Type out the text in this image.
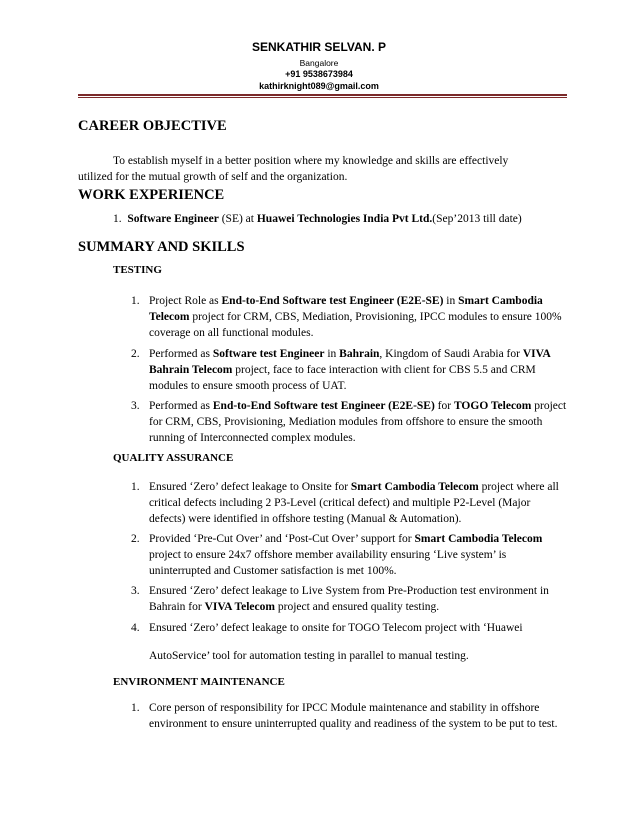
SENKATHIR SELVAN. P
Bangalore
+91 9538673984
kathirknight089@gmail.com
CAREER OBJECTIVE
To establish myself in a better position where my knowledge and skills are effectively
utilized for the mutual growth of self and the organization.
WORK EXPERIENCE
1. Software Engineer (SE) at Huawei Technologies India Pvt Ltd.(Sep’2013 till date)
SUMMARY AND SKILLS
TESTING
1. Project Role as End-to-End Software test Engineer (E2E-SE) in Smart Cambodia Telecom project for CRM, CBS, Mediation, Provisioning, IPCC modules to ensure 100% coverage on all functional modules.
2. Performed as Software test Engineer in Bahrain, Kingdom of Saudi Arabia for VIVA Bahrain Telecom project, face to face interaction with client for CBS 5.5 and CRM modules to ensure smooth process of UAT.
3. Performed as End-to-End Software test Engineer (E2E-SE) for TOGO Telecom project for CRM, CBS, Provisioning, Mediation modules from offshore to ensure the smooth running of Interconnected complex modules.
QUALITY ASSURANCE
1. Ensured ‘Zero’ defect leakage to Onsite for Smart Cambodia Telecom project where all critical defects including 2 P3-Level (critical defect) and multiple P2-Level (Major defects) were identified in offshore testing (Manual & Automation).
2. Provided ‘Pre-Cut Over’ and ‘Post-Cut Over’ support for Smart Cambodia Telecom project to ensure 24x7 offshore member availability ensuring ‘Live system’ is uninterrupted and Customer satisfaction is met 100%.
3. Ensured ‘Zero’ defect leakage to Live System from Pre-Production test environment in Bahrain for VIVA Telecom project and ensured quality testing.
4. Ensured ‘Zero’ defect leakage to onsite for TOGO Telecom project with ‘Huawei
AutoService’ tool for automation testing in parallel to manual testing.
ENVIRONMENT MAINTENANCE
1. Core person of responsibility for IPCC Module maintenance and stability in offshore environment to ensure uninterrupted quality and readiness of the system to be put to test.
